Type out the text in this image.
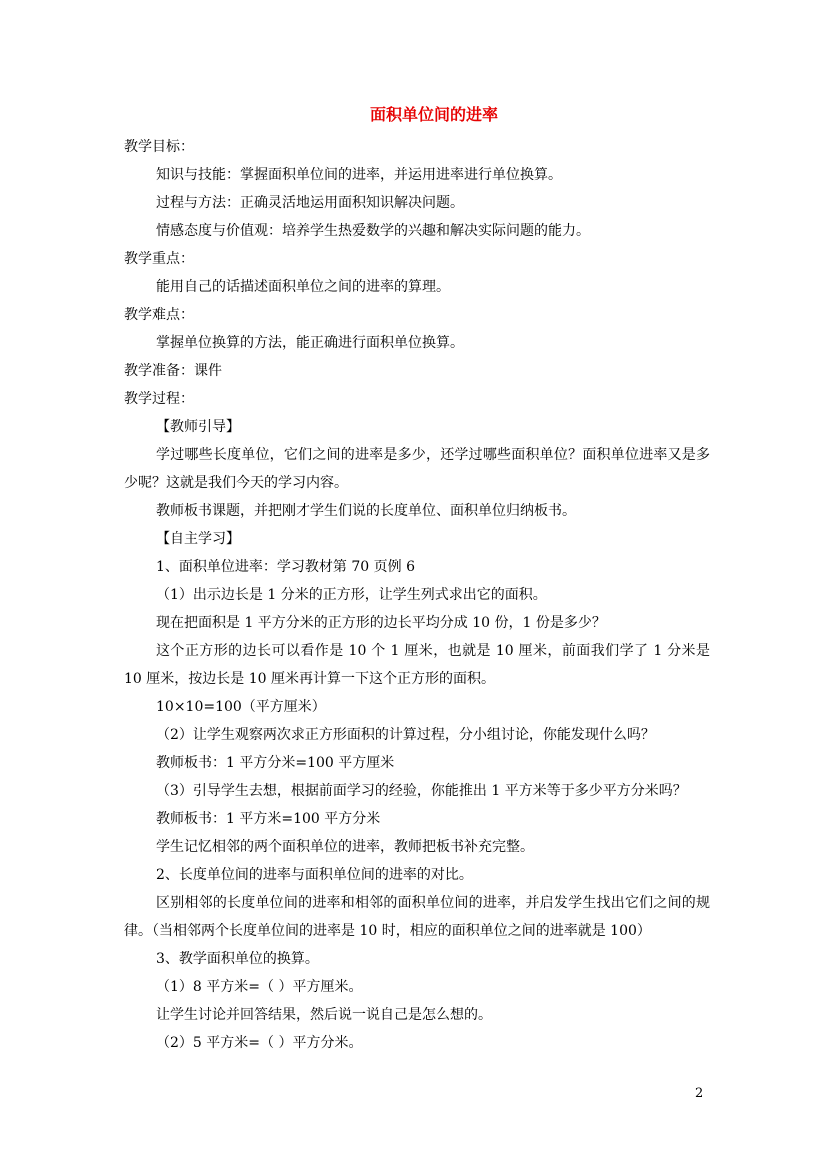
面积单位间的进率
教学目标：
知识与技能：掌握面积单位间的进率，并运用进率进行单位换算。
过程与方法：正确灵活地运用面积知识解决问题。
情感态度与价值观：培养学生热爱数学的兴趣和解决实际问题的能力。
教学重点：
能用自己的话描述面积单位之间的进率的算理。
教学难点：
掌握单位换算的方法，能正确进行面积单位换算。
教学准备：课件
教学过程：
【教师引导】
学过哪些长度单位，它们之间的进率是多少，还学过哪些面积单位？面积单位进率又是多少呢？这就是我们今天的学习内容。
教师板书课题，并把刚才学生们说的长度单位、面积单位归纳板书。
【自主学习】
1、面积单位进率：学习教材第 70 页例 6
（1）出示边长是 1 分米的正方形，让学生列式求出它的面积。
现在把面积是 1 平方分米的正方形的边长平均分成 10 份，1 份是多少？
这个正方形的边长可以看作是 10 个 1 厘米，也就是 10 厘米，前面我们学了 1 分米是 10 厘米，按边长是 10 厘米再计算一下这个正方形的面积。
10×10=100（平方厘米）
（2）让学生观察两次求正方形面积的计算过程，分小组讨论，你能发现什么吗？
教师板书：1 平方分米=100 平方厘米
（3）引导学生去想，根据前面学习的经验，你能推出 1 平方米等于多少平方分米吗？
教师板书：1 平方米=100 平方分米
学生记忆相邻的两个面积单位的进率，教师把板书补充完整。
2、长度单位间的进率与面积单位间的进率的对比。
区别相邻的长度单位间的进率和相邻的面积单位间的进率，并启发学生找出它们之间的规律。（当相邻两个长度单位间的进率是 10 时，相应的面积单位之间的进率就是 100）
3、教学面积单位的换算。
（1）8 平方米=（ ）平方厘米。
让学生讨论并回答结果，然后说一说自己是怎么想的。
（2）5 平方米=（ ）平方分米。
2
